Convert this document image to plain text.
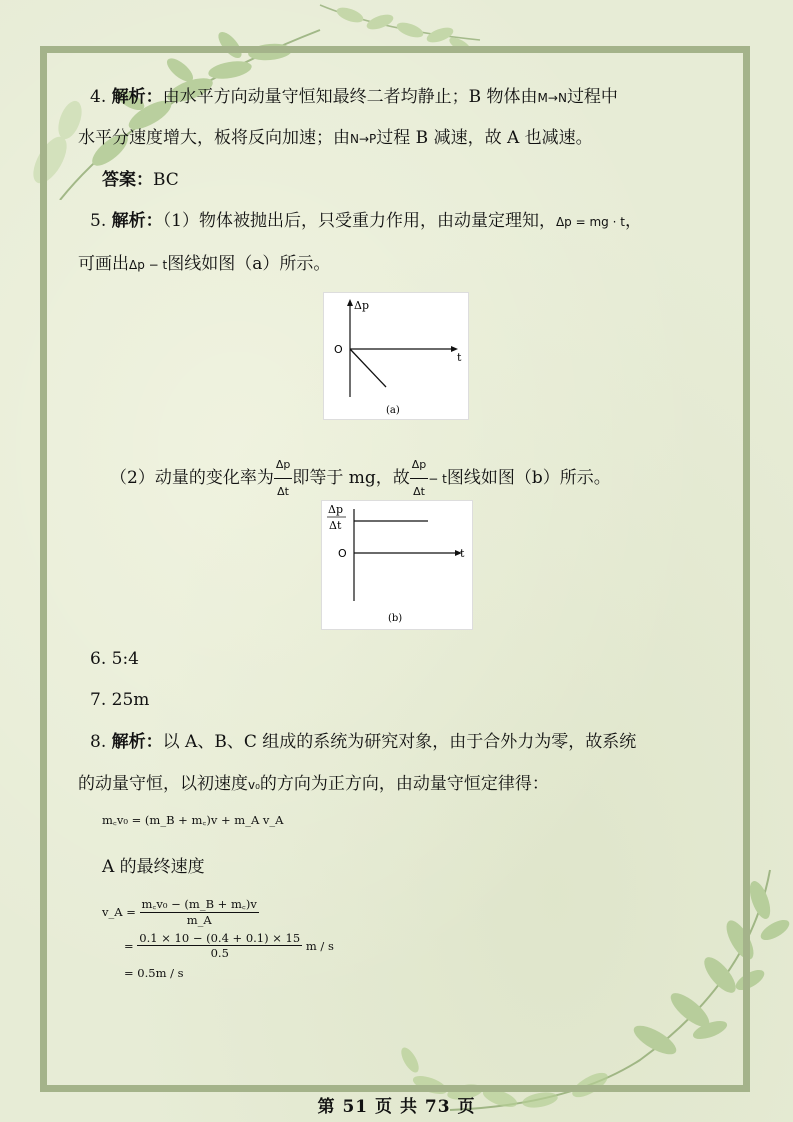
4. 解析：由水平方向动量守恒知最终二者均静止；B 物体由M→N过程中
水平分速度增大，板将反向加速；由N→P过程 B 减速，故 A 也减速。
答案：BC
5. 解析：（1）物体被抛出后，只受重力作用，由动量定理知，Δp = mg · t，
可画出Δp − t图线如图（a）所示。
Δp
t
O
(a)
（2）动量的变化率为 $\frac{\Delta p}{\Delta t}$ 即等于 mg，故 $\frac{\Delta p}{\Delta t} - t$图线如图（b）所示。
Δp
Δt
t
O
(b)
6. 5:4
7. 25m
8. 解析：以 A、B、C 组成的系统为研究对象，由于合外力为零，故系统
的动量守恒，以初速度v₀的方向为正方向，由动量守恒定律得：
m꜀v₀ = (m_B + m꜀)v + m_A v_A
A 的最终速度
v_A =
$\frac{\text{m꜀v₀ − (m\_B + m꜀)v}}{m\_A}$
=
$\frac{0.1 \times 10 - (0.4 + 0.1) \times 15}{0.5}$
m / s
= 0.5m / s
第 51 页 共 73 页
